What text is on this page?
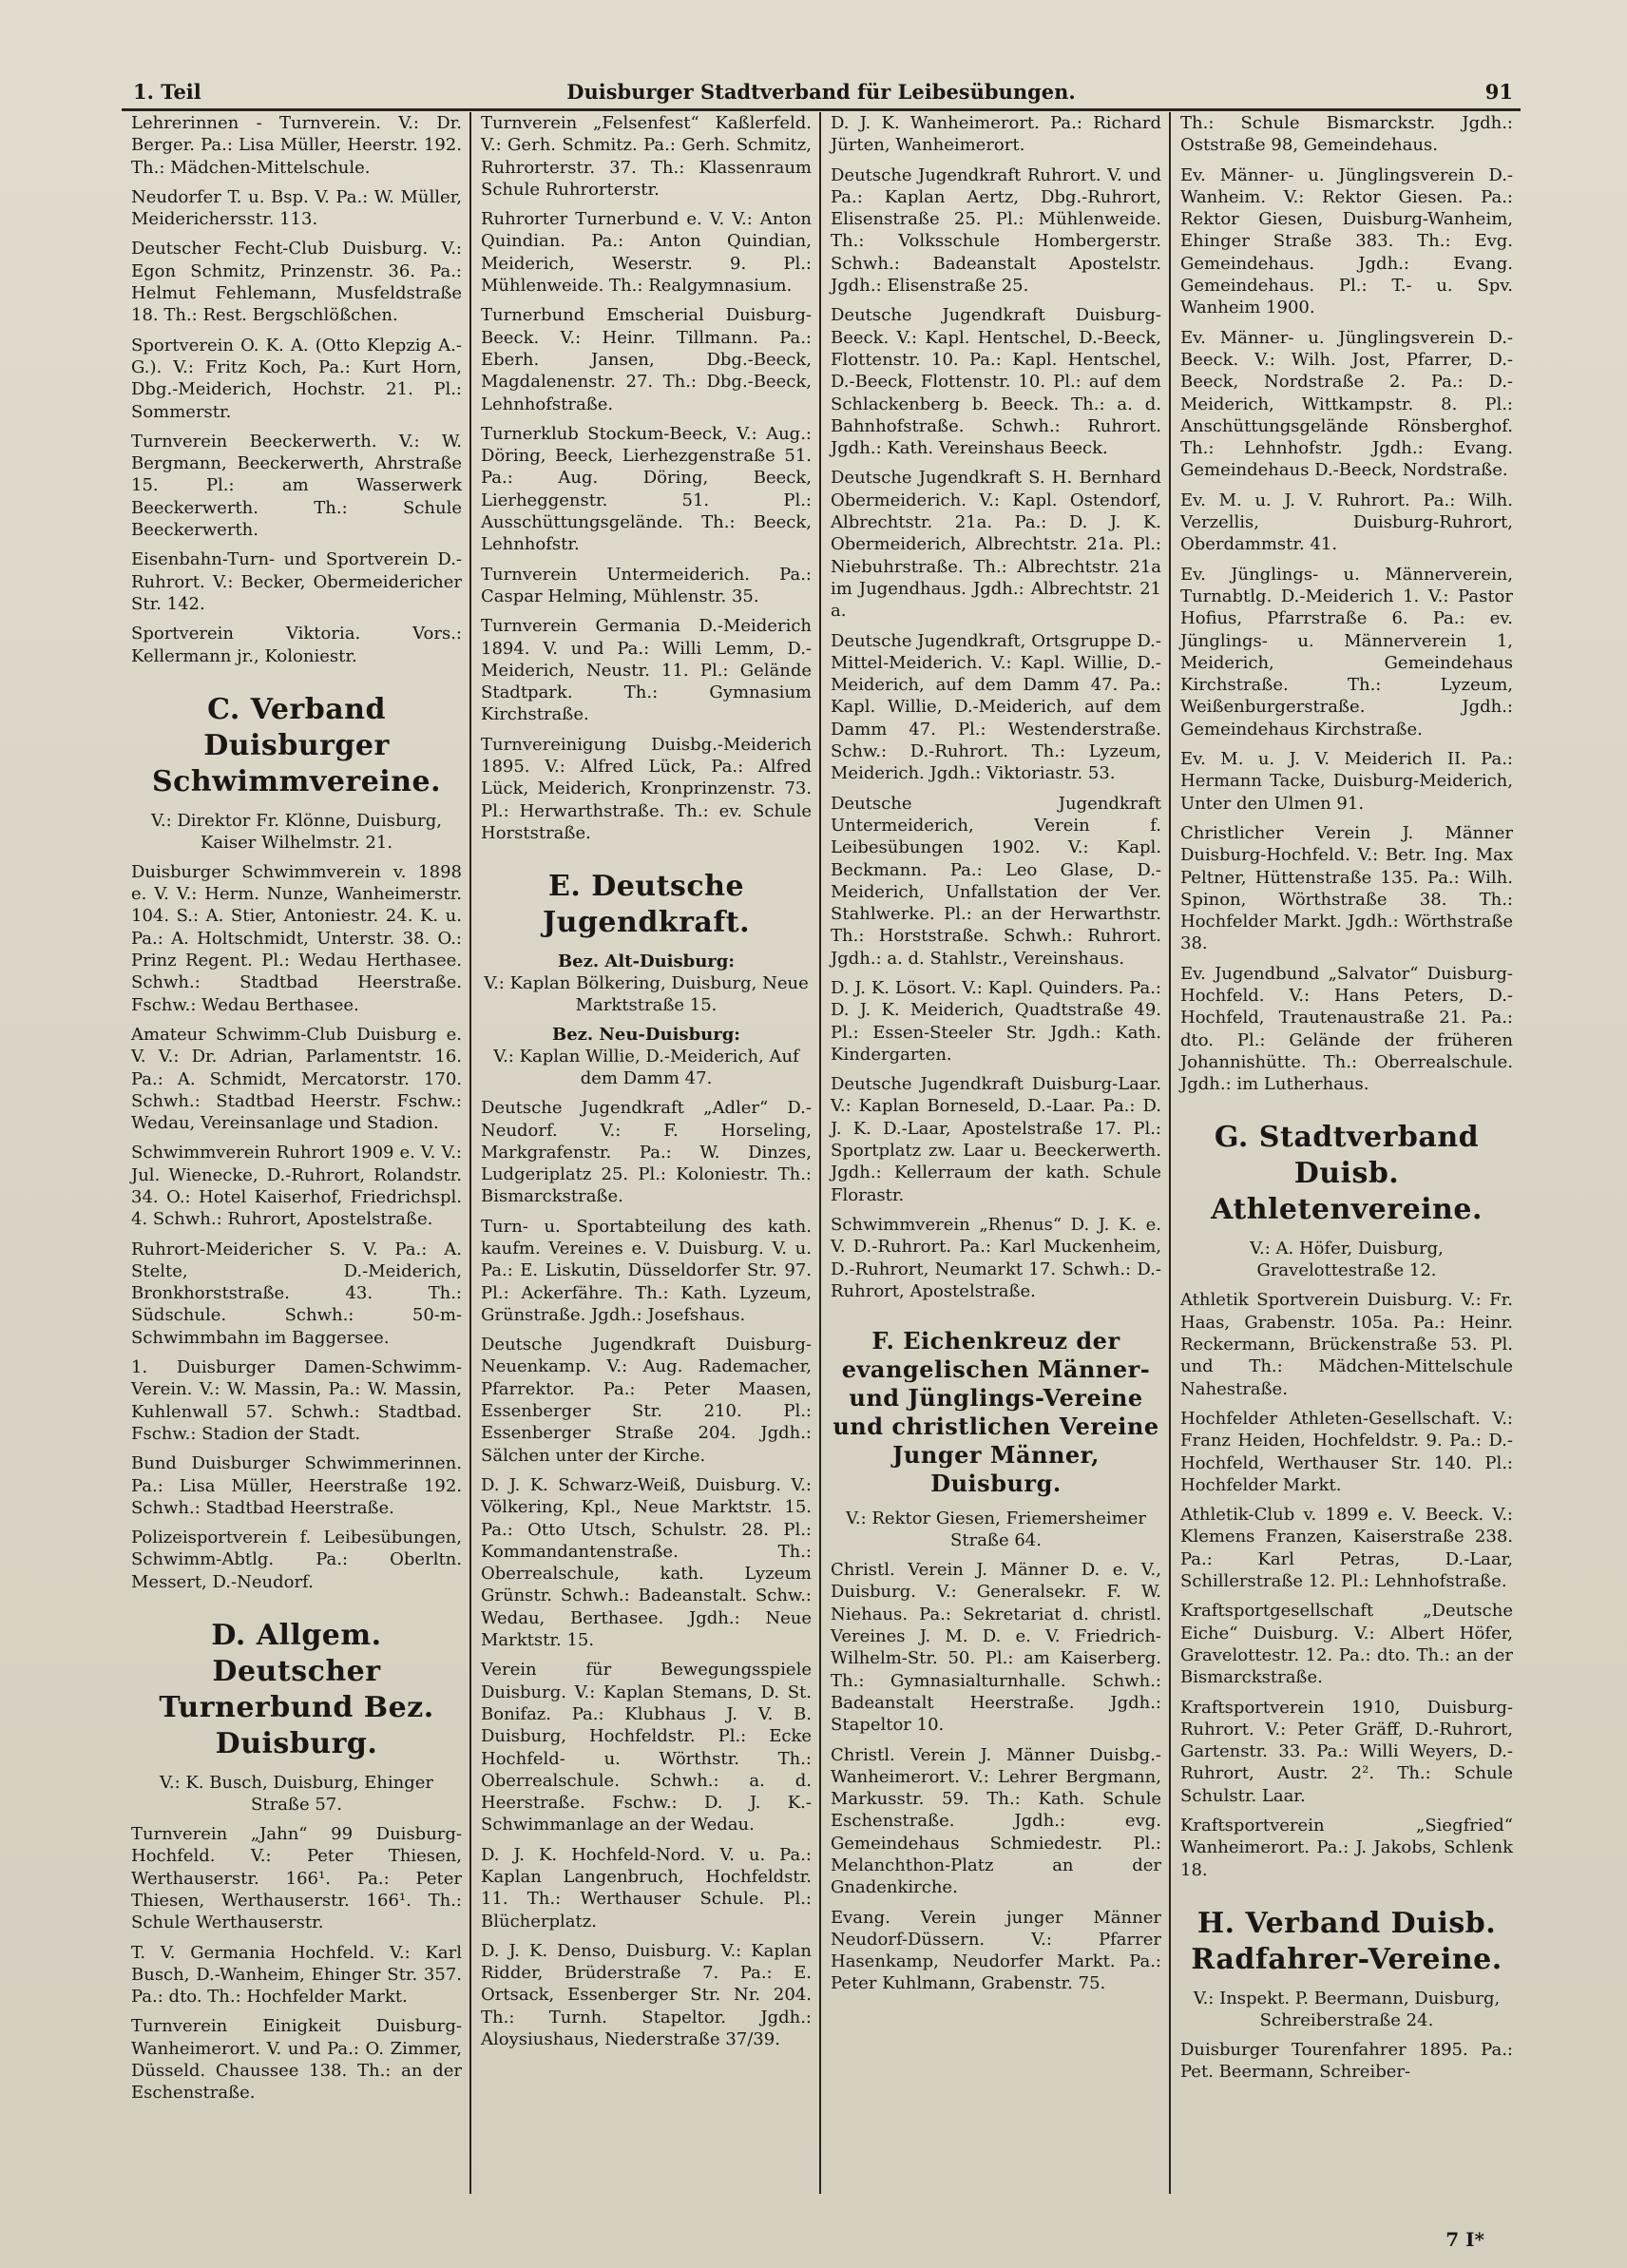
1. Teil	Duisburger Stadtverband für Leibesübungen.	91

Lehrerinnen - Turnverein. V.: Dr. Berger. Pa.: Lisa Müller, Heerstr. 192. Th.: Mädchen-Mittelschule.

Neudorfer T. u. Bsp. V. Pa.: W. Müller, Meiderichersstr. 113.

Deutscher Fecht-Club Duisburg. V.: Egon Schmitz, Prinzenstr. 36. Pa.: Helmut Fehlemann, Musfeldstraße 18. Th.: Rest. Bergschlößchen.

Sportverein O. K. A. (Otto Klepzig A.-G.). V.: Fritz Koch, Pa.: Kurt Horn, Dbg.-Meiderich, Hochstr. 21. Pl.: Sommerstr.

Turnverein Beeckerwerth. V.: W. Bergmann, Beeckerwerth, Ahrstraße 15. Pl.: am Wasserwerk Beeckerwerth. Th.: Schule Beeckerwerth.

Eisenbahn-Turn- und Sportverein D.-Ruhrort. V.: Becker, Obermeidericher Str. 142.

Sportverein Viktoria. Vors.: Kellermann jr., Koloniestr.

C. Verband Duisburger Schwimmvereine.

V.: Direktor Fr. Klönne, Duisburg, Kaiser Wilhelmstr. 21.

Duisburger Schwimmverein v. 1898 e. V. V.: Herm. Nunze, Wanheimerstr. 104. S.: A. Stier, Antoniestr. 24. K. u. Pa.: A. Holtschmidt, Unterstr. 38. O.: Prinz Regent. Pl.: Wedau Herthasee. Schwh.: Stadtbad Heerstraße. Fschw.: Wedau Berthasee.

Amateur Schwimm-Club Duisburg e. V. V.: Dr. Adrian, Parlamentstr. 16. Pa.: A. Schmidt, Mercatorstr. 170. Schwh.: Stadtbad Heerstr. Fschw.: Wedau, Vereinsanlage und Stadion.

Schwimmverein Ruhrort 1909 e. V. V.: Jul. Wienecke, D.-Ruhrort, Rolandstr. 34. O.: Hotel Kaiserhof, Friedrichspl. 4. Schwh.: Ruhrort, Apostelstraße.

Ruhrort-Meidericher S. V. Pa.: A. Stelte, D.-Meiderich, Bronkhorststraße. 43. Th.: Südschule. Schwh.: 50-m-Schwimmbahn im Baggersee.

1. Duisburger Damen-Schwimm-Verein. V.: W. Massin, Pa.: W. Massin, Kuhlenwall 57. Schwh.: Stadtbad. Fschw.: Stadion der Stadt.

Bund Duisburger Schwimmerinnen. Pa.: Lisa Müller, Heerstraße 192. Schwh.: Stadtbad Heerstraße.

Polizeisportverein f. Leibesübungen, Schwimm-Abtlg. Pa.: Oberltn. Messert, D.-Neudorf.

D. Allgem. Deutscher Turnerbund Bez. Duisburg.

V.: K. Busch, Duisburg, Ehinger Straße 57.

Turnverein „Jahn“ 99 Duisburg-Hochfeld. V.: Peter Thiesen, Werthauserstr. 166¹. Pa.: Peter Thiesen, Werthauserstr. 166¹. Th.: Schule Werthauserstr.

T. V. Germania Hochfeld. V.: Karl Busch, D.-Wanheim, Ehinger Str. 357. Pa.: dto. Th.: Hochfelder Markt.

Turnverein Einigkeit Duisburg-Wanheimerort. V. und Pa.: O. Zimmer, Düsseld. Chaussee 138. Th.: an der Eschenstraße.

Turnverein „Felsenfest“ Kaßlerfeld. V.: Gerh. Schmitz. Pa.: Gerh. Schmitz, Ruhrorterstr. 37. Th.: Klassenraum Schule Ruhrorterstr.

Ruhrorter Turnerbund e. V. V.: Anton Quindian. Pa.: Anton Quindian, Meiderich, Weserstr. 9. Pl.: Mühlenweide. Th.: Realgymnasium.

Turnerbund Emscherial Duisburg-Beeck. V.: Heinr. Tillmann. Pa.: Eberh. Jansen, Dbg.-Beeck, Magdalenenstr. 27. Th.: Dbg.-Beeck, Lehnhofstraße.

Turnerklub Stockum-Beeck, V.: Aug.: Döring, Beeck, Lierhezgenstraße 51. Pa.: Aug. Döring, Beeck, Lierheggenstr. 51. Pl.: Ausschüttungsgelände. Th.: Beeck, Lehnhofstr.

Turnverein Untermeiderich. Pa.: Caspar Helming, Mühlenstr. 35.

Turnverein Germania D.-Meiderich 1894. V. und Pa.: Willi Lemm, D.-Meiderich, Neustr. 11. Pl.: Gelände Stadtpark. Th.: Gymnasium Kirchstraße.

Turnvereinigung Duisbg.-Meiderich 1895. V.: Alfred Lück, Pa.: Alfred Lück, Meiderich, Kronprinzenstr. 73. Pl.: Herwarthstraße. Th.: ev. Schule Horststraße.

E. Deutsche Jugendkraft.

Bez. Alt-Duisburg:

V.: Kaplan Bölkering, Duisburg, Neue Marktstraße 15.

Bez. Neu-Duisburg:

V.: Kaplan Willie, D.-Meiderich, Auf dem Damm 47.

Deutsche Jugendkraft „Adler“ D.-Neudorf. V.: F. Horseling, Markgrafenstr. Pa.: W. Dinzes, Ludgeriplatz 25. Pl.: Koloniestr. Th.: Bismarckstraße.

Turn- u. Sportabteilung des kath. kaufm. Vereines e. V. Duisburg. V. u. Pa.: E. Liskutin, Düsseldorfer Str. 97. Pl.: Ackerfähre. Th.: Kath. Lyzeum, Grünstraße. Jgdh.: Josefshaus.

Deutsche Jugendkraft Duisburg-Neuenkamp. V.: Aug. Rademacher, Pfarrektor. Pa.: Peter Maasen, Essenberger Str. 210. Pl.: Essenberger Straße 204. Jgdh.: Sälchen unter der Kirche.

D. J. K. Schwarz-Weiß, Duisburg. V.: Völkering, Kpl., Neue Marktstr. 15. Pa.: Otto Utsch, Schulstr. 28. Pl.: Kommandantenstraße. Th.: Oberrealschule, kath. Lyzeum Grünstr. Schwh.: Badeanstalt. Schw.: Wedau, Berthasee. Jgdh.: Neue Marktstr. 15.

Verein für Bewegungsspiele Duisburg. V.: Kaplan Stemans, D. St. Bonifaz. Pa.: Klubhaus J. V. B. Duisburg, Hochfeldstr. Pl.: Ecke Hochfeld- u. Wörthstr. Th.: Oberrealschule. Schwh.: a. d. Heerstraße. Fschw.: D. J. K.-Schwimmanlage an der Wedau.

D. J. K. Hochfeld-Nord. V. u. Pa.: Kaplan Langenbruch, Hochfeldstr. 11. Th.: Werthauser Schule. Pl.: Blücherplatz.

D. J. K. Denso, Duisburg. V.: Kaplan Ridder, Brüderstraße 7. Pa.: E. Ortsack, Essenberger Str. Nr. 204. Th.: Turnh. Stapeltor. Jgdh.: Aloysiushaus, Niederstraße 37/39.

D. J. K. Wanheimerort. Pa.: Richard Jürten, Wanheimerort.

Deutsche Jugendkraft Ruhrort. V. und Pa.: Kaplan Aertz, Dbg.-Ruhrort, Elisenstraße 25. Pl.: Mühlenweide. Th.: Volksschule Hombergerstr. Schwh.: Badeanstalt Apostelstr. Jgdh.: Elisenstraße 25.

Deutsche Jugendkraft Duisburg-Beeck. V.: Kapl. Hentschel, D.-Beeck, Flottenstr. 10. Pa.: Kapl. Hentschel, D.-Beeck, Flottenstr. 10. Pl.: auf dem Schlackenberg b. Beeck. Th.: a. d. Bahnhofstraße. Schwh.: Ruhrort. Jgdh.: Kath. Vereinshaus Beeck.

Deutsche Jugendkraft S. H. Bernhard Obermeiderich. V.: Kapl. Ostendorf, Albrechtstr. 21a. Pa.: D. J. K. Obermeiderich, Albrechtstr. 21a. Pl.: Niebuhrstraße. Th.: Albrechtstr. 21a im Jugendhaus. Jgdh.: Albrechtstr. 21 a.

Deutsche Jugendkraft, Ortsgruppe D.-Mittel-Meiderich. V.: Kapl. Willie, D.-Meiderich, auf dem Damm 47. Pa.: Kapl. Willie, D.-Meiderich, auf dem Damm 47. Pl.: Westenderstraße. Schw.: D.-Ruhrort. Th.: Lyzeum, Meiderich. Jgdh.: Viktoriastr. 53.

Deutsche Jugendkraft Untermeiderich, Verein f. Leibesübungen 1902. V.: Kapl. Beckmann. Pa.: Leo Glase, D.-Meiderich, Unfallstation der Ver. Stahlwerke. Pl.: an der Herwarthstr. Th.: Horststraße. Schwh.: Ruhrort. Jgdh.: a. d. Stahlstr., Vereinshaus.

D. J. K. Lösort. V.: Kapl. Quinders. Pa.: D. J. K. Meiderich, Quadtstraße 49. Pl.: Essen-Steeler Str. Jgdh.: Kath. Kindergarten.

Deutsche Jugendkraft Duisburg-Laar. V.: Kaplan Borneseld, D.-Laar. Pa.: D. J. K. D.-Laar, Apostelstraße 17. Pl.: Sportplatz zw. Laar u. Beeckerwerth. Jgdh.: Kellerraum der kath. Schule Florastr.

Schwimmverein „Rhenus“ D. J. K. e. V. D.-Ruhrort. Pa.: Karl Muckenheim, D.-Ruhrort, Neumarkt 17. Schwh.: D.-Ruhrort, Apostelstraße.

F. Eichenkreuz der evangelischen Männer- und Jünglings-Vereine und christlichen Vereine Junger Männer, Duisburg.

V.: Rektor Giesen, Friemersheimer Straße 64.

Christl. Verein J. Männer D. e. V., Duisburg. V.: Generalsekr. F. W. Niehaus. Pa.: Sekretariat d. christl. Vereines J. M. D. e. V. Friedrich-Wilhelm-Str. 50. Pl.: am Kaiserberg. Th.: Gymnasialturnhalle. Schwh.: Badeanstalt Heerstraße. Jgdh.: Stapeltor 10.

Christl. Verein J. Männer Duisbg.-Wanheimerort. V.: Lehrer Bergmann, Markusstr. 59. Th.: Kath. Schule Eschenstraße. Jgdh.: evg. Gemeindehaus Schmiedestr. Pl.: Melanchthon-Platz an der Gnadenkirche.

Evang. Verein junger Männer Neudorf-Düssern. V.: Pfarrer Hasenkamp, Neudorfer Markt. Pa.: Peter Kuhlmann, Grabenstr. 75.

Th.: Schule Bismarckstr. Jgdh.: Oststraße 98, Gemeindehaus.

Ev. Männer- u. Jünglingsverein D.-Wanheim. V.: Rektor Giesen. Pa.: Rektor Giesen, Duisburg-Wanheim, Ehinger Straße 383. Th.: Evg. Gemeindehaus. Jgdh.: Evang. Gemeindehaus. Pl.: T.- u. Spv. Wanheim 1900.

Ev. Männer- u. Jünglingsverein D.-Beeck. V.: Wilh. Jost, Pfarrer, D.-Beeck, Nordstraße 2. Pa.: D.-Meiderich, Wittkampstr. 8. Pl.: Anschüttungsgelände Rönsberghof. Th.: Lehnhofstr. Jgdh.: Evang. Gemeindehaus D.-Beeck, Nordstraße.

Ev. M. u. J. V. Ruhrort. Pa.: Wilh. Verzellis, Duisburg-Ruhrort, Oberdammstr. 41.

Ev. Jünglings- u. Männerverein, Turnabtlg. D.-Meiderich 1. V.: Pastor Hofius, Pfarrstraße 6. Pa.: ev. Jünglings- u. Männerverein 1, Meiderich, Gemeindehaus Kirchstraße. Th.: Lyzeum, Weißenburgerstraße. Jgdh.: Gemeindehaus Kirchstraße.

Ev. M. u. J. V. Meiderich II. Pa.: Hermann Tacke, Duisburg-Meiderich, Unter den Ulmen 91.

Christlicher Verein J. Männer Duisburg-Hochfeld. V.: Betr. Ing. Max Peltner, Hüttenstraße 135. Pa.: Wilh. Spinon, Wörthstraße 38. Th.: Hochfelder Markt. Jgdh.: Wörthstraße 38.

Ev. Jugendbund „Salvator“ Duisburg-Hochfeld. V.: Hans Peters, D.-Hochfeld, Trautenaustraße 21. Pa.: dto. Pl.: Gelände der früheren Johannishütte. Th.: Oberrealschule. Jgdh.: im Lutherhaus.

G. Stadtverband Duisb. Athletenvereine.

V.: A. Höfer, Duisburg, Gravelottestraße 12.

Athletik Sportverein Duisburg. V.: Fr. Haas, Grabenstr. 105a. Pa.: Heinr. Reckermann, Brückenstraße 53. Pl. und Th.: Mädchen-Mittelschule Nahestraße.

Hochfelder Athleten-Gesellschaft. V.: Franz Heiden, Hochfeldstr. 9. Pa.: D.-Hochfeld, Werthauser Str. 140. Pl.: Hochfelder Markt.

Athletik-Club v. 1899 e. V. Beeck. V.: Klemens Franzen, Kaiserstraße 238. Pa.: Karl Petras, D.-Laar, Schillerstraße 12. Pl.: Lehnhofstraße.

Kraftsportgesellschaft „Deutsche Eiche“ Duisburg. V.: Albert Höfer, Gravelottestr. 12. Pa.: dto. Th.: an der Bismarckstraße.

Kraftsportverein 1910, Duisburg-Ruhrort. V.: Peter Gräff, D.-Ruhrort, Gartenstr. 33. Pa.: Willi Weyers, D.-Ruhrort, Austr. 2². Th.: Schule Schulstr. Laar.

Kraftsportverein „Siegfried“ Wanheimerort. Pa.: J. Jakobs, Schlenk 18.

H. Verband Duisb. Radfahrer-Vereine.

V.: Inspekt. P. Beermann, Duisburg, Schreiberstraße 24.

Duisburger Tourenfahrer 1895. Pa.: Pet. Beermann, Schreiber-

7 I*
